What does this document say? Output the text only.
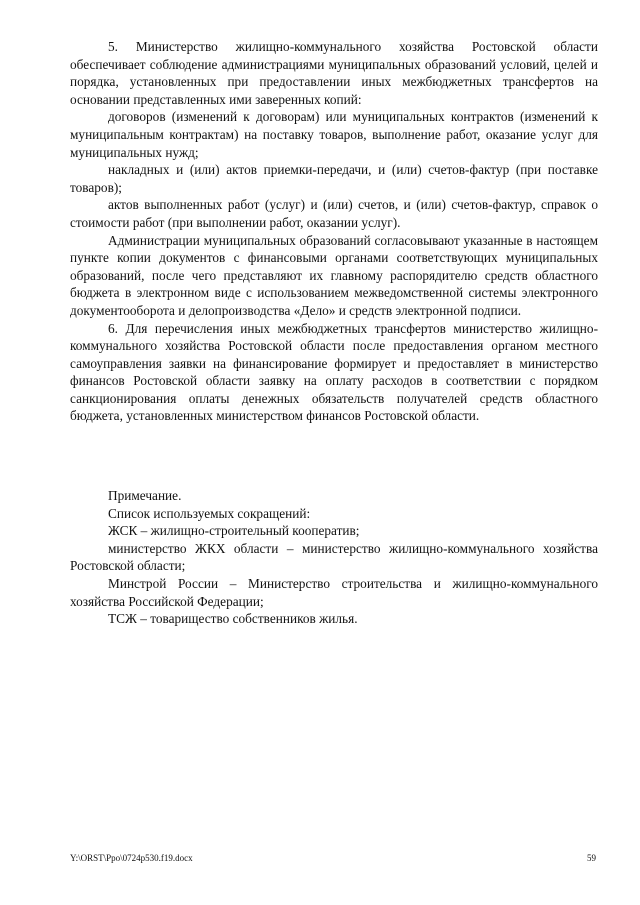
5. Министерство жилищно-коммунального хозяйства Ростовской области обеспечивает соблюдение администрациями муниципальных образований условий, целей и порядка, установленных при предоставлении иных межбюджетных трансфертов на основании представленных ими заверенных копий:

договоров (изменений к договорам) или муниципальных контрактов (изменений к муниципальным контрактам) на поставку товаров, выполнение работ, оказание услуг для муниципальных нужд;

накладных и (или) актов приемки-передачи, и (или) счетов-фактур (при поставке товаров);

актов выполненных работ (услуг) и (или) счетов, и (или) счетов-фактур, справок о стоимости работ (при выполнении работ, оказании услуг).

Администрации муниципальных образований согласовывают указанные в настоящем пункте копии документов с финансовыми органами соответствующих муниципальных образований, после чего представляют их главному распорядителю средств областного бюджета в электронном виде с использованием межведомственной системы электронного документооборота и делопроизводства «Дело» и средств электронной подписи.

6. Для перечисления иных межбюджетных трансфертов министерство жилищно-коммунального хозяйства Ростовской области после предоставления органом местного самоуправления заявки на финансирование формирует и предоставляет в министерство финансов Ростовской области заявку на оплату расходов в соответствии с порядком санкционирования оплаты денежных обязательств получателей средств областного бюджета, установленных министерством финансов Ростовской области.

Примечание.

Список используемых сокращений:

ЖСК – жилищно-строительный кооператив;

министерство ЖКХ области – министерство жилищно-коммунального хозяйства Ростовской области;

Минстрой России – Министерство строительства и жилищно-коммунального хозяйства Российской Федерации;

ТСЖ – товарищество собственников жилья.

Y:\ORST\Ppo\0724p530.f19.docx	59
